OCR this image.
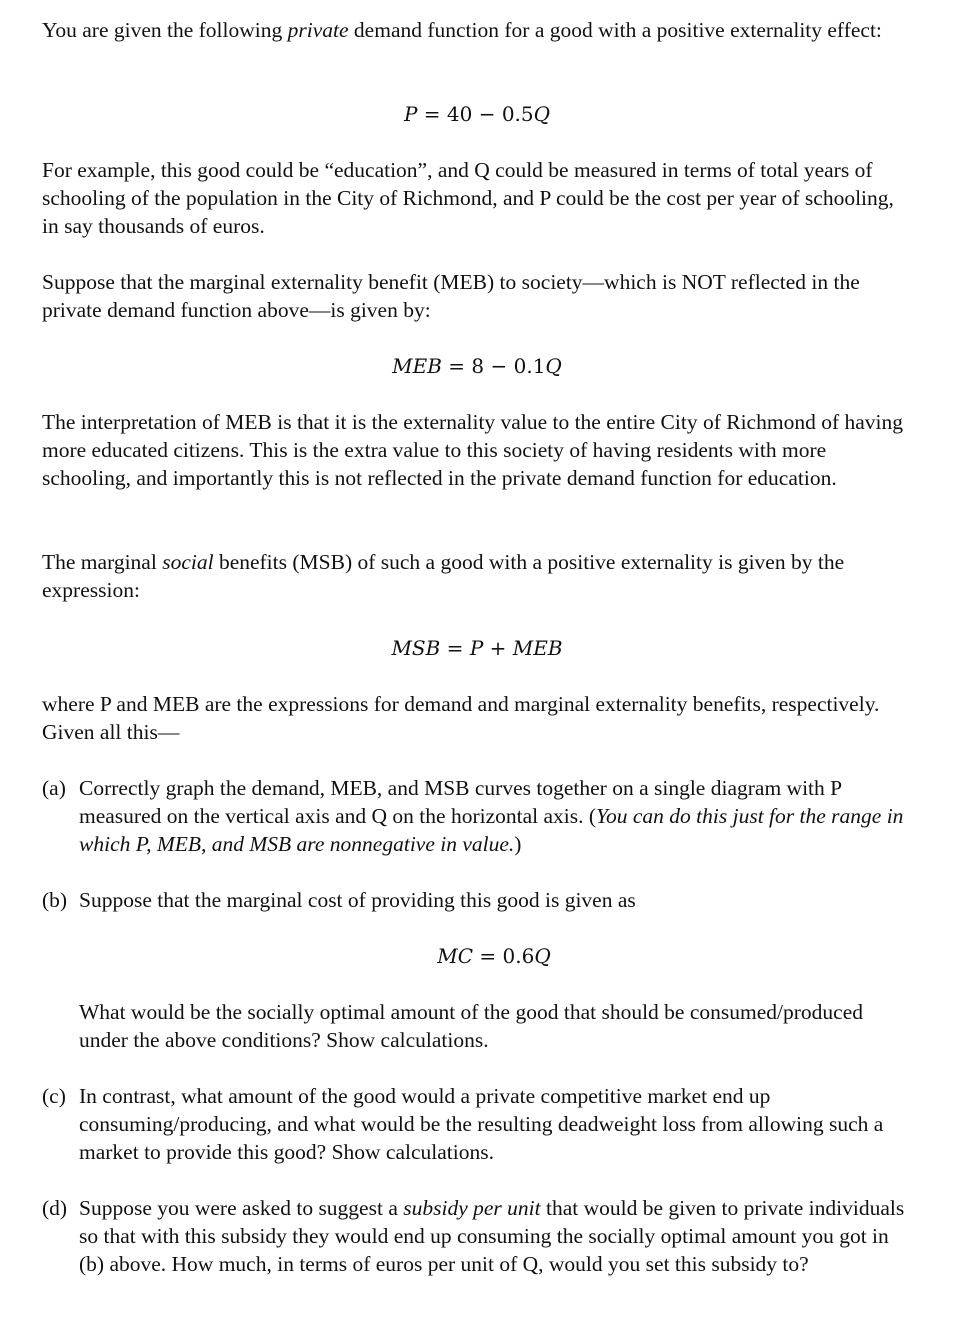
You are given the following private demand function for a good with a positive externality effect:

P = 40 − 0.5Q

For example, this good could be “education”, and Q could be measured in terms of total years of schooling of the population in the City of Richmond, and P could be the cost per year of schooling, in say thousands of euros.

Suppose that the marginal externality benefit (MEB) to society—which is NOT reflected in the private demand function above—is given by:

MEB = 8 − 0.1Q

The interpretation of MEB is that it is the externality value to the entire City of Richmond of having more educated citizens. This is the extra value to this society of having residents with more schooling, and importantly this is not reflected in the private demand function for education.

The marginal social benefits (MSB) of such a good with a positive externality is given by the expression:

MSB = P + MEB

where P and MEB are the expressions for demand and marginal externality benefits, respectively. Given all this—

(a) Correctly graph the demand, MEB, and MSB curves together on a single diagram with P measured on the vertical axis and Q on the horizontal axis. (You can do this just for the range in which P, MEB, and MSB are nonnegative in value.)

(b) Suppose that the marginal cost of providing this good is given as

MC = 0.6Q

What would be the socially optimal amount of the good that should be consumed/produced under the above conditions? Show calculations.

(c) In contrast, what amount of the good would a private competitive market end up consuming/producing, and what would be the resulting deadweight loss from allowing such a market to provide this good? Show calculations.

(d) Suppose you were asked to suggest a subsidy per unit that would be given to private individuals so that with this subsidy they would end up consuming the socially optimal amount you got in (b) above. How much, in terms of euros per unit of Q, would you set this subsidy to?
